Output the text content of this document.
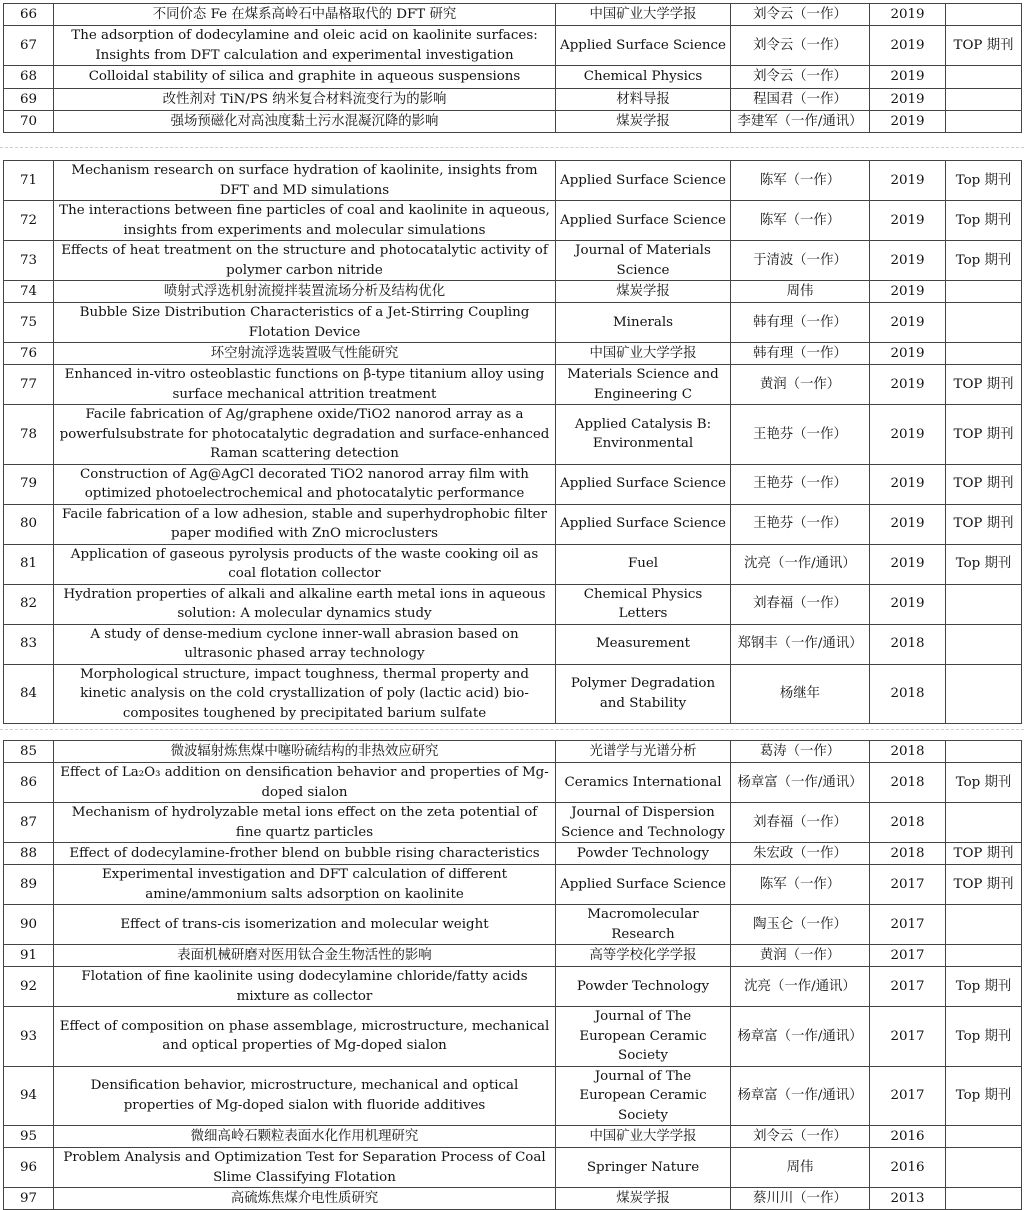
66	不同价态 Fe 在煤系高岭石中晶格取代的 DFT 研究	中国矿业大学学报	刘令云（一作）	2019	
67	The adsorption of dodecylamine and oleic acid on kaolinite surfaces: Insights from DFT calculation and experimental investigation	Applied Surface Science	刘令云（一作）	2019	TOP 期刊
68	Colloidal stability of silica and graphite in aqueous suspensions	Chemical Physics	刘令云（一作）	2019	
69	改性剂对 TiN/PS 纳米复合材料流变行为的影响	材料导报	程国君（一作）	2019	
70	强场预磁化对高浊度黏土污水混凝沉降的影响	煤炭学报	李建军（一作/通讯）	2019	
71	Mechanism research on surface hydration of kaolinite, insights from DFT and MD simulations	Applied Surface Science	陈军（一作）	2019	Top 期刊
72	The interactions between fine particles of coal and kaolinite in aqueous, insights from experiments and molecular simulations	Applied Surface Science	陈军（一作）	2019	Top 期刊
73	Effects of heat treatment on the structure and photocatalytic activity of polymer carbon nitride	Journal of Materials Science	于清波（一作）	2019	Top 期刊
74	喷射式浮选机射流搅拌装置流场分析及结构优化	煤炭学报	周伟	2019	
75	Bubble Size Distribution Characteristics of a Jet-Stirring Coupling Flotation Device	Minerals	韩有理（一作）	2019	
76	环空射流浮选装置吸气性能研究	中国矿业大学学报	韩有理（一作）	2019	
77	Enhanced in-vitro osteoblastic functions on β-type titanium alloy using surface mechanical attrition treatment	Materials Science and Engineering C	黄润（一作）	2019	TOP 期刊
78	Facile fabrication of Ag/graphene oxide/TiO2 nanorod array as a powerfulsubstrate for photocatalytic degradation and surface-enhanced Raman scattering detection	Applied Catalysis B: Environmental	王艳芬（一作）	2019	TOP 期刊
79	Construction of Ag@AgCl decorated TiO2 nanorod array film with optimized photoelectrochemical and photocatalytic performance	Applied Surface Science	王艳芬（一作）	2019	TOP 期刊
80	Facile fabrication of a low adhesion, stable and superhydrophobic filter paper modified with ZnO microclusters	Applied Surface Science	王艳芬（一作）	2019	TOP 期刊
81	Application of gaseous pyrolysis products of the waste cooking oil as coal flotation collector	Fuel	沈亮（一作/通讯）	2019	Top 期刊
82	Hydration properties of alkali and alkaline earth metal ions in aqueous solution: A molecular dynamics study	Chemical Physics Letters	刘春福（一作）	2019	
83	A study of dense-medium cyclone inner-wall abrasion based on ultrasonic phased array technology	Measurement	郑钢丰（一作/通讯）	2018	
84	Morphological structure, impact toughness, thermal property and kinetic analysis on the cold crystallization of poly (lactic acid) bio-composites toughened by precipitated barium sulfate	Polymer Degradation and Stability	杨继年	2018	
85	微波辐射炼焦煤中噻吩硫结构的非热效应研究	光谱学与光谱分析	葛涛（一作）	2018	
86	Effect of La₂O₃ addition on densification behavior and properties of Mg-doped sialon	Ceramics International	杨章富（一作/通讯）	2018	Top 期刊
87	Mechanism of hydrolyzable metal ions effect on the zeta potential of fine quartz particles	Journal of Dispersion Science and Technology	刘春福（一作）	2018	
88	Effect of dodecylamine-frother blend on bubble rising characteristics	Powder Technology	朱宏政（一作）	2018	TOP 期刊
89	Experimental investigation and DFT calculation of different amine/ammonium salts adsorption on kaolinite	Applied Surface Science	陈军（一作）	2017	TOP 期刊
90	Effect of trans-cis isomerization and molecular weight	Macromolecular Research	陶玉仑（一作）	2017	
91	表面机械研磨对医用钛合金生物活性的影响	高等学校化学学报	黄润（一作）	2017	
92	Flotation of fine kaolinite using dodecylamine chloride/fatty acids mixture as collector	Powder Technology	沈亮（一作/通讯）	2017	Top 期刊
93	Effect of composition on phase assemblage, microstructure, mechanical and optical properties of Mg-doped sialon	Journal of The European Ceramic Society	杨章富（一作/通讯）	2017	Top 期刊
94	Densification behavior, microstructure, mechanical and optical properties of Mg-doped sialon with fluoride additives	Journal of The European Ceramic Society	杨章富（一作/通讯）	2017	Top 期刊
95	微细高岭石颗粒表面水化作用机理研究	中国矿业大学学报	刘令云（一作）	2016	
96	Problem Analysis and Optimization Test for Separation Process of Coal Slime Classifying Flotation	Springer Nature	周伟	2016	
97	高硫炼焦煤介电性质研究	煤炭学报	蔡川川（一作）	2013	
